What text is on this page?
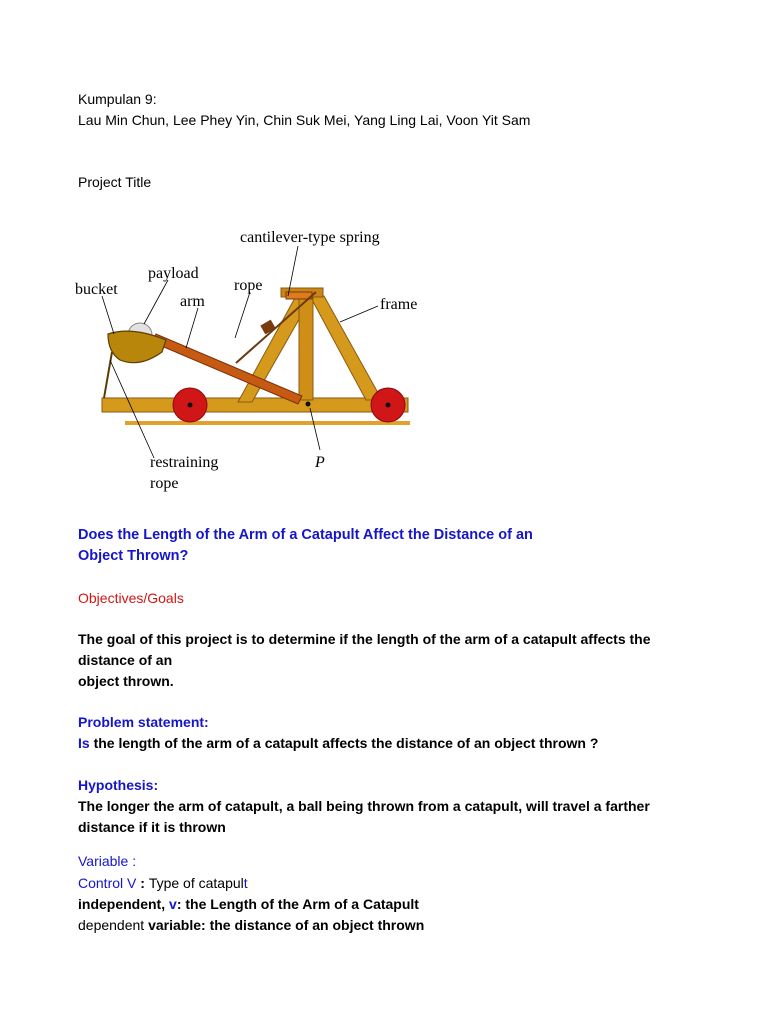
Kumpulan 9:
Lau Min Chun, Lee Phey Yin, Chin Suk Mei, Yang Ling Lai, Voon Yit Sam
Project Title
cantilever-type spring
payload
bucket	rope
arm	frame
restraining
rope
P
Does the Length of the Arm of a Catapult Affect the Distance of an
Object Thrown?
Objectives/Goals
The goal of this project is to determine if the length of the arm of a catapult affects the
distance of an
object thrown.
Problem statement:
Is the length of the arm of a catapult affects the distance of an object thrown ?
Hypothesis:
The longer the arm of catapult, a ball being thrown from a catapult, will travel a farther
distance if it is thrown
Variable :
Control V : Type of catapult
independent, v: the Length of the Arm of a Catapult
dependent variable: the distance of an object thrown
